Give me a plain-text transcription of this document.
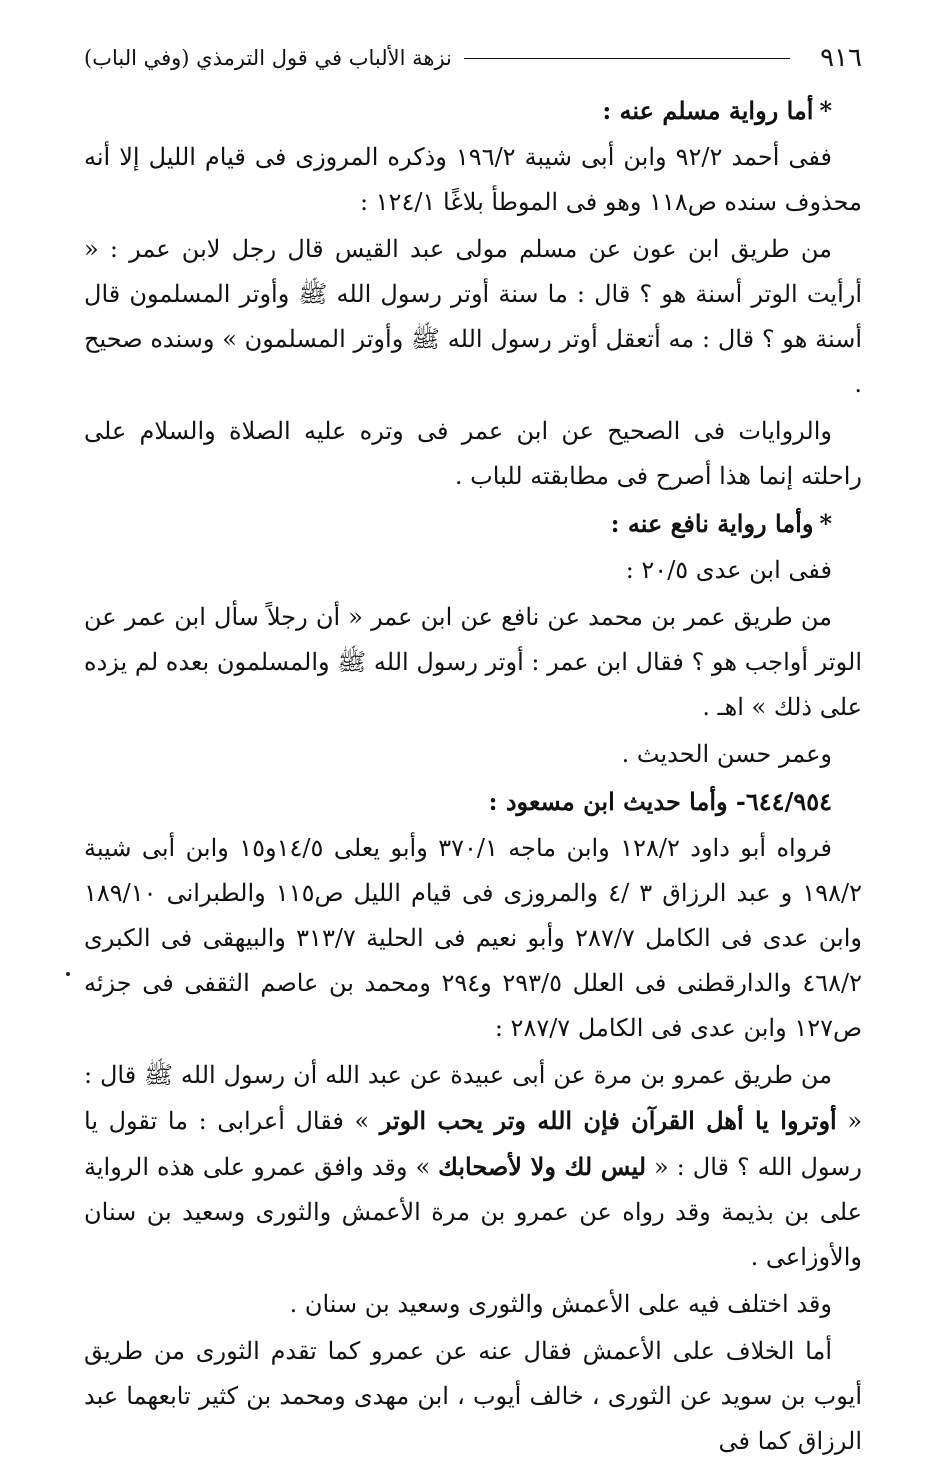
٩١٦
نزهة الألباب في قول الترمذي (وفي الباب)
*أما رواية مسلم عنه :

ففى أحمد ٩٢/٢ وابن أبى شيبة ١٩٦/٢ وذكره المروزى فى قيام الليل إلا أنه محذوف سنده ص١١٨ وهو فى الموطأ بلاغًا ١٢٤/١ :

من طريق ابن عون عن مسلم مولى عبد القيس قال رجل لابن عمر : « أرأيت الوتر أسنة هو ؟ قال : ما سنة أوتر رسول الله ﷺ وأوتر المسلمون قال أسنة هو ؟ قال : مه أتعقل أوتر رسول الله ﷺ وأوتر المسلمون » وسنده صحيح .

والروايات فى الصحيح عن ابن عمر فى وتره عليه الصلاة والسلام على راحلته إنما هذا أصرح فى مطابقته للباب .

*وأما رواية نافع عنه :

ففى ابن عدى ٢٠/٥ :

من طريق عمر بن محمد عن نافع عن ابن عمر « أن رجلاً سأل ابن عمر عن الوتر أواجب هو ؟ فقال ابن عمر : أوتر رسول الله ﷺ والمسلمون بعده لم يزده على ذلك » اهـ .

وعمر حسن الحديث .

٦٤٤/٩٥٤- وأما حديث ابن مسعود :

فرواه أبو داود ١٢٨/٢ وابن ماجه ٣٧٠/١ وأبو يعلى ١٤/٥و١٥ وابن أبى شيبة ١٩٨/٢ و عبد الرزاق ٣ /٤ والمروزى فى قيام الليل ص١١٥ والطبرانى ١٨٩/١٠ وابن عدى فى الكامل ٢٨٧/٧ وأبو نعيم فى الحلية ٣١٣/٧ والبيهقى فى الكبرى ٤٦٨/٢ والدارقطنى فى العلل ٢٩٣/٥ و٢٩٤ ومحمد بن عاصم الثقفى فى جزئه ص١٢٧ وابن عدى فى الكامل ٢٨٧/٧ :

من طريق عمرو بن مرة عن أبى عبيدة عن عبد الله أن رسول الله ﷺ قال : « أوتروا يا أهل القرآن فإن الله وتر يحب الوتر » فقال أعرابى : ما تقول يا رسول الله ؟ قال : « ليس لك ولا لأصحابك » وقد وافق عمرو على هذه الرواية على بن بذيمة وقد رواه عن عمرو بن مرة الأعمش والثورى وسعيد بن سنان والأوزاعى .

وقد اختلف فيه على الأعمش والثورى وسعيد بن سنان .

أما الخلاف على الأعمش فقال عنه عن عمرو كما تقدم الثورى من طريق أيوب بن سويد عن الثورى ، خالف أيوب ، ابن مهدى ومحمد بن كثير تابعهما عبد الرزاق كما فى
